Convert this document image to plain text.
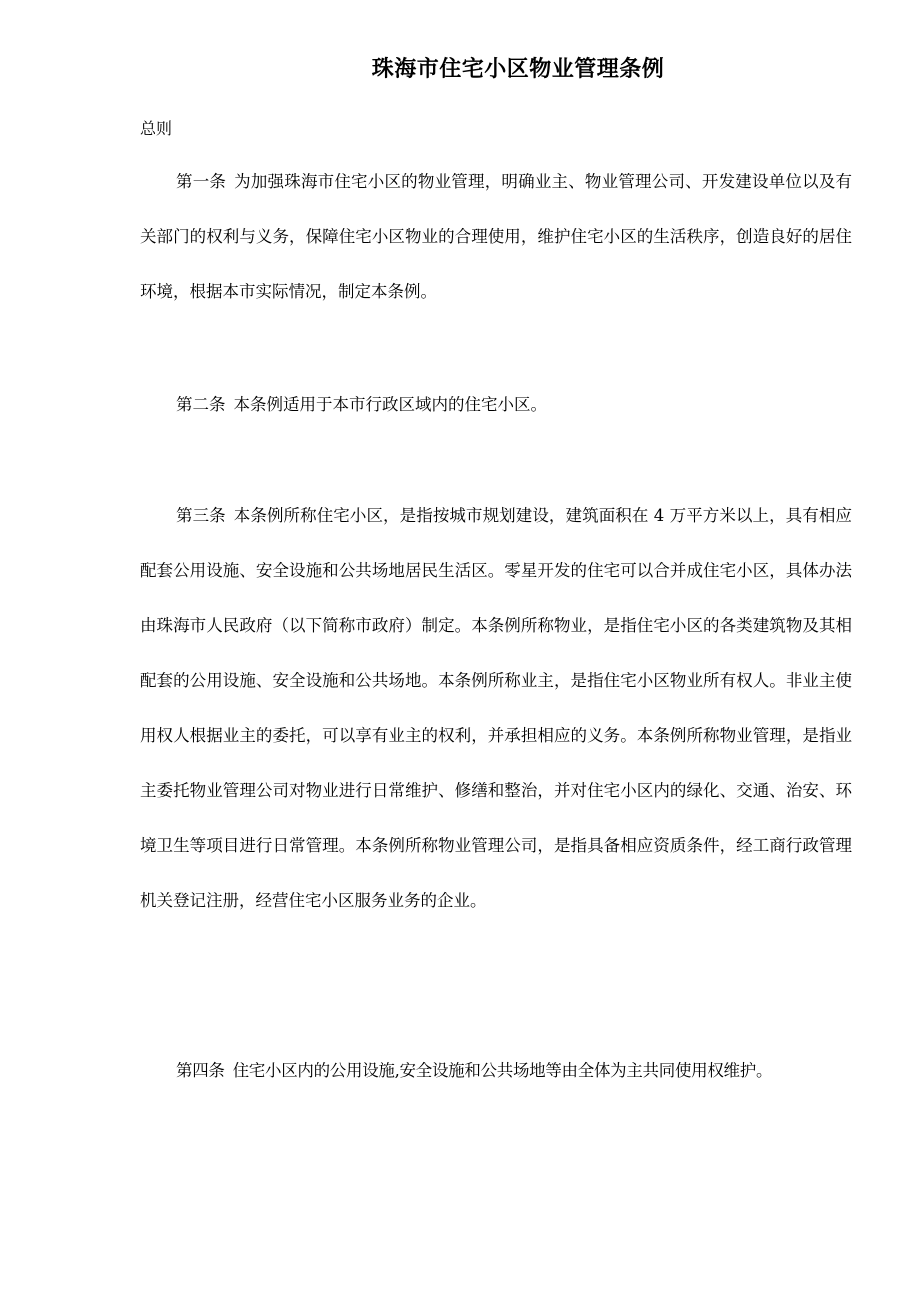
珠海市住宅小区物业管理条例
总则

第一条 为加强珠海市住宅小区的物业管理，明确业主、物业管理公司、开发建设单位以及有关部门的权利与义务，保障住宅小区物业的合理使用，维护住宅小区的生活秩序，创造良好的居住环境，根据本市实际情况，制定本条例。

第二条 本条例适用于本市行政区域内的住宅小区。

第三条 本条例所称住宅小区，是指按城市规划建设，建筑面积在 4 万平方米以上，具有相应配套公用设施、安全设施和公共场地居民生活区。零星开发的住宅可以合并成住宅小区，具体办法由珠海市人民政府（以下简称市政府）制定。本条例所称物业，是指住宅小区的各类建筑物及其相配套的公用设施、安全设施和公共场地。本条例所称业主，是指住宅小区物业所有权人。非业主使用权人根据业主的委托，可以享有业主的权利，并承担相应的义务。本条例所称物业管理，是指业主委托物业管理公司对物业进行日常维护、修缮和整治，并对住宅小区内的绿化、交通、治安、环境卫生等项目进行日常管理。本条例所称物业管理公司，是指具备相应资质条件，经工商行政管理机关登记注册，经营住宅小区服务业务的企业。

第四条 住宅小区内的公用设施,安全设施和公共场地等由全体为主共同使用权维护。
